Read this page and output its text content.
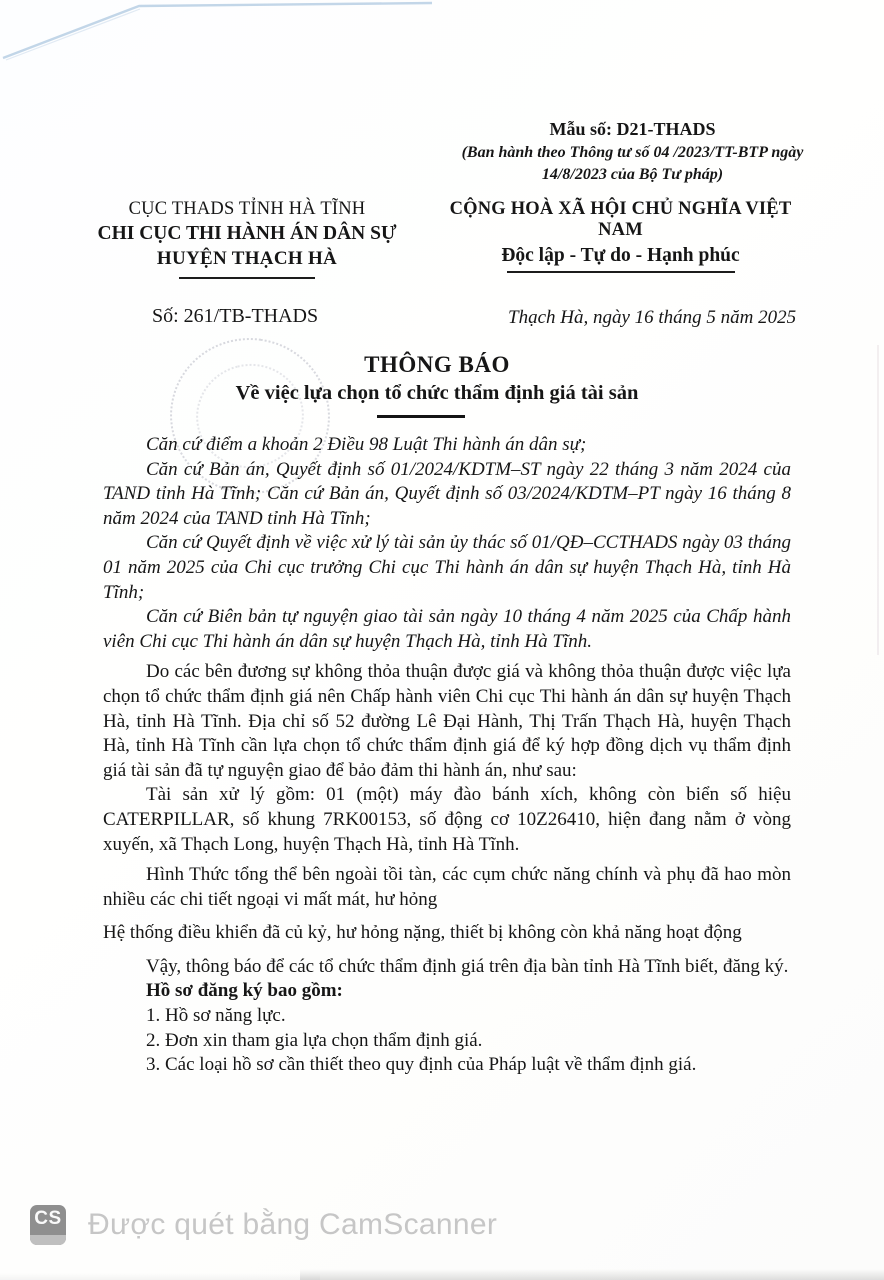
Mẫu số: D21-THADS
(Ban hành theo Thông tư số 04 /2023/TT-BTP ngày
14/8/2023 của Bộ Tư pháp)
CỤC THADS TỈNH HÀ TĨNH
CHI CỤC THI HÀNH ÁN DÂN SỰ
HUYỆN THẠCH HÀ
CỘNG HOÀ XÃ HỘI CHỦ NGHĨA VIỆT NAM
Độc lập - Tự do - Hạnh phúc
Số: 261/TB-THADS	Thạch Hà, ngày 16 tháng 5 năm 2025
THÔNG BÁO
Về việc lựa chọn tổ chức thẩm định giá tài sản

Căn cứ điểm a khoản 2 Điều 98 Luật Thi hành án dân sự;

Căn cứ Bản án, Quyết định số 01/2024/KDTM–ST ngày 22 tháng 3 năm 2024 của TAND tỉnh Hà Tĩnh; Căn cứ Bản án, Quyết định số 03/2024/KDTM–PT ngày 16 tháng 8 năm 2024 của TAND tỉnh Hà Tĩnh;

Căn cứ Quyết định về việc xử lý tài sản ủy thác số 01/QĐ–CCTHADS ngày 03 tháng 01 năm 2025 của Chi cục trưởng Chi cục Thi hành án dân sự huyện Thạch Hà, tỉnh Hà Tĩnh;

Căn cứ Biên bản tự nguyện giao tài sản ngày 10 tháng 4 năm 2025 của Chấp hành viên Chi cục Thi hành án dân sự huyện Thạch Hà, tỉnh Hà Tĩnh.

Do các bên đương sự không thỏa thuận được giá và không thỏa thuận được việc lựa chọn tổ chức thẩm định giá nên Chấp hành viên Chi cục Thi hành án dân sự huyện Thạch Hà, tỉnh Hà Tĩnh. Địa chỉ số 52 đường Lê Đại Hành, Thị Trấn Thạch Hà, huyện Thạch Hà, tỉnh Hà Tĩnh cần lựa chọn tổ chức thẩm định giá để ký hợp đồng dịch vụ thẩm định giá tài sản đã tự nguyện giao để bảo đảm thi hành án, như sau:

Tài sản xử lý gồm: 01 (một) máy đào bánh xích, không còn biển số hiệu CATERPILLAR, số khung 7RK00153, số động cơ 10Z26410, hiện đang nằm ở vòng xuyến, xã Thạch Long, huyện Thạch Hà, tỉnh Hà Tĩnh.

Hình Thức tổng thể bên ngoài tồi tàn, các cụm chức năng chính và phụ đã hao mòn nhiều các chi tiết ngoại vi mất mát, hư hỏng

Hệ thống điều khiển đã củ kỷ, hư hỏng nặng, thiết bị không còn khả năng hoạt động

Vậy, thông báo để các tổ chức thẩm định giá trên địa bàn tỉnh Hà Tĩnh biết, đăng ký.

Hồ sơ đăng ký bao gồm:

1. Hồ sơ năng lực.

2. Đơn xin tham gia lựa chọn thẩm định giá.

3. Các loại hồ sơ cần thiết theo quy định của Pháp luật về thẩm định giá.

CS Được quét bằng CamScanner
